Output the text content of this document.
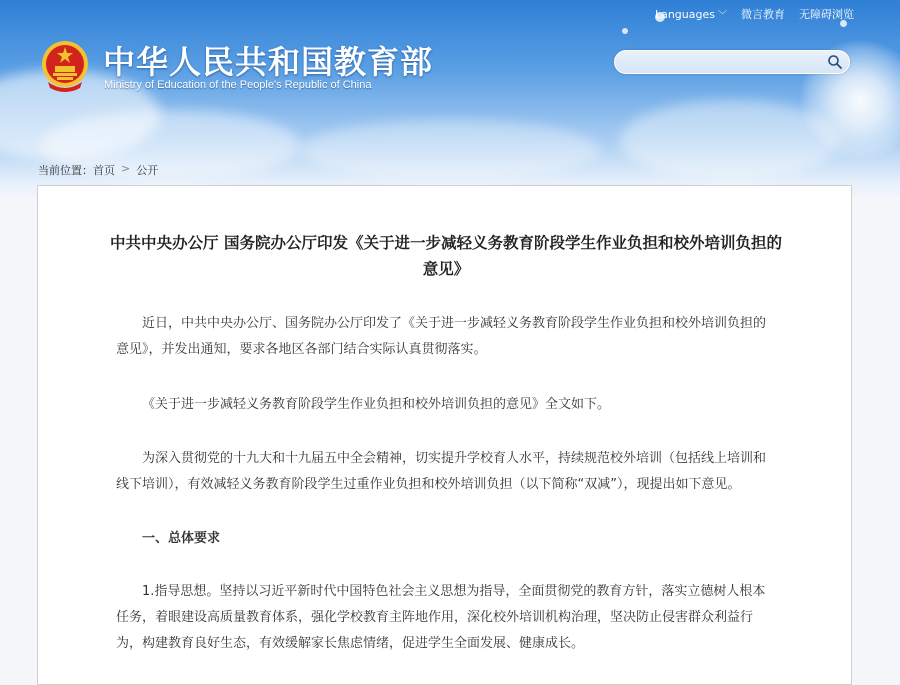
中华人民共和国教育部
Ministry of Education of the People's Republic of China
Languages ﹀ 微言教育 无障碍浏览
当前位置： 首页 > 公开
中共中央办公厅 国务院办公厅印发《关于进一步减轻义务教育阶段学生作业负担和校外培训负担的意见》
近日，中共中央办公厅、国务院办公厅印发了《关于进一步减轻义务教育阶段学生作业负担和校外培训负担的意见》，并发出通知，要求各地区各部门结合实际认真贯彻落实。
《关于进一步减轻义务教育阶段学生作业负担和校外培训负担的意见》全文如下。
为深入贯彻党的十九大和十九届五中全会精神，切实提升学校育人水平，持续规范校外培训（包括线上培训和线下培训），有效减轻义务教育阶段学生过重作业负担和校外培训负担（以下简称“双减”），现提出如下意见。
一、总体要求
1.指导思想。坚持以习近平新时代中国特色社会主义思想为指导，全面贯彻党的教育方针，落实立德树人根本任务，着眼建设高质量教育体系，强化学校教育主阵地作用，深化校外培训机构治理，坚决防止侵害群众利益行为，构建教育良好生态，有效缓解家长焦虑情绪，促进学生全面发展、健康成长。
